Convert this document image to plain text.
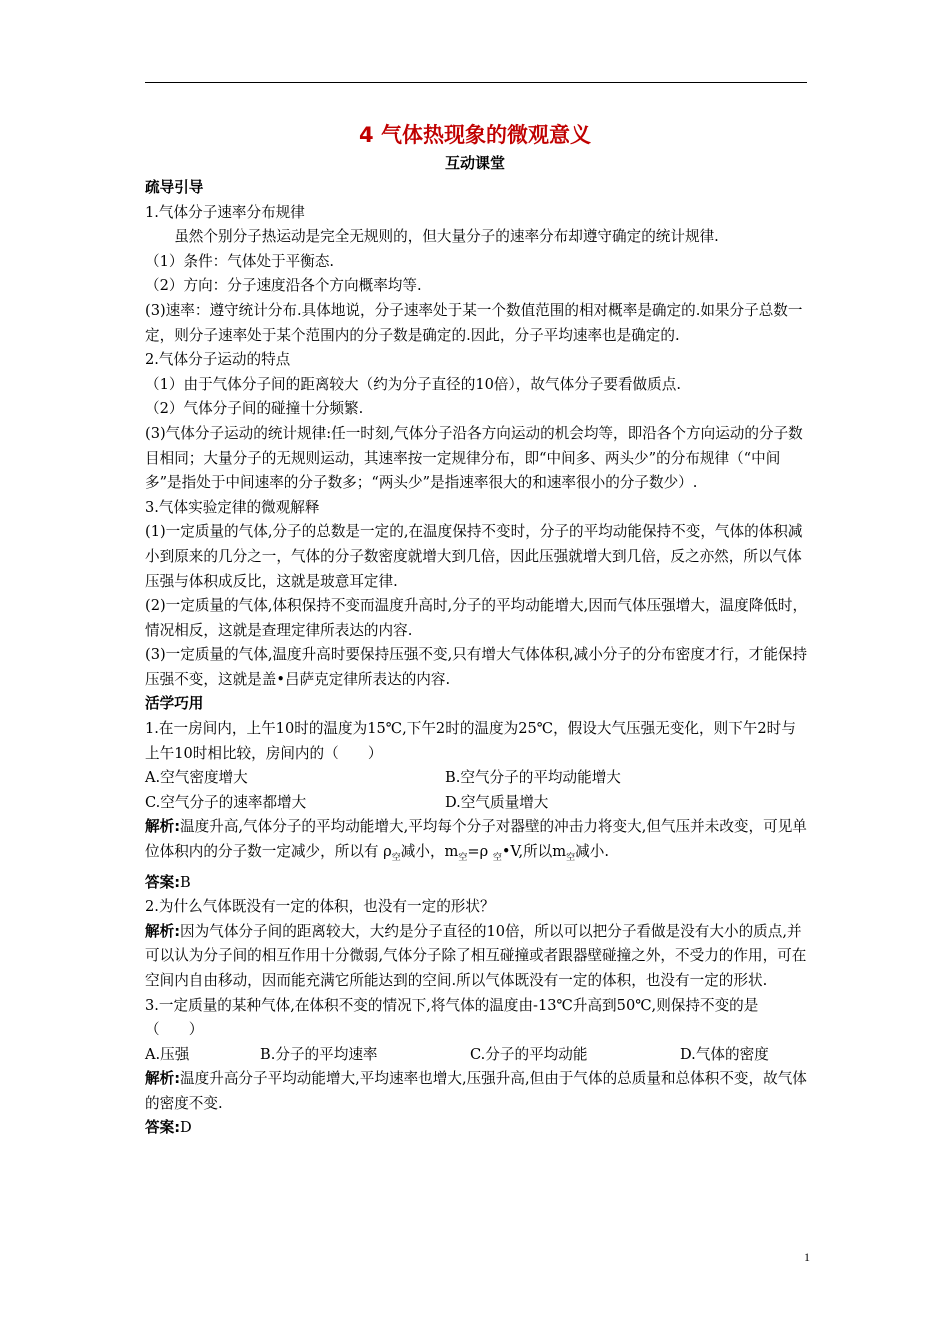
4 气体热现象的微观意义
互动课堂

疏导引导

1.气体分子速率分布规律

虽然个别分子热运动是完全无规则的，但大量分子的速率分布却遵守确定的统计规律.

（1）条件：气体处于平衡态.

（2）方向：分子速度沿各个方向概率均等.

(3)速率：遵守统计分布.具体地说，分子速率处于某一个数值范围的相对概率是确定的.如果分子总数一定，则分子速率处于某个范围内的分子数是确定的.因此，分子平均速率也是确定的.

2.气体分子运动的特点

（1）由于气体分子间的距离较大（约为分子直径的10倍），故气体分子要看做质点.

（2）气体分子间的碰撞十分频繁.

(3)气体分子运动的统计规律:任一时刻,气体分子沿各方向运动的机会均等，即沿各个方向运动的分子数目相同；大量分子的无规则运动，其速率按一定规律分布，即“中间多、两头少”的分布规律（“中间多”是指处于中间速率的分子数多；“两头少”是指速率很大的和速率很小的分子数少）.

3.气体实验定律的微观解释

(1)一定质量的气体,分子的总数是一定的,在温度保持不变时，分子的平均动能保持不变，气体的体积减小到原来的几分之一，气体的分子数密度就增大到几倍，因此压强就增大到几倍，反之亦然，所以气体压强与体积成反比，这就是玻意耳定律.

(2)一定质量的气体,体积保持不变而温度升高时,分子的平均动能增大,因而气体压强增大，温度降低时，情况相反，这就是查理定律所表达的内容.

(3)一定质量的气体,温度升高时要保持压强不变,只有增大气体体积,减小分子的分布密度才行，才能保持压强不变，这就是盖•吕萨克定律所表达的内容.

活学巧用

1.在一房间内，上午10时的温度为15℃,下午2时的温度为25℃，假设大气压强无变化，则下午2时与上午10时相比较，房间内的（　　）

A.空气密度增大	B.空气分子的平均动能增大

C.空气分子的速率都增大	D.空气质量增大

解析:温度升高,气体分子的平均动能增大,平均每个分子对器壁的冲击力将变大,但气压并未改变，可见单位体积内的分子数一定减少，所以有 $\rho_空$减小，$m_空=\rho$ $_空$•V,所以$m_空$减小.

答案:B

2.为什么气体既没有一定的体积，也没有一定的形状？

解析:因为气体分子间的距离较大，大约是分子直径的10倍，所以可以把分子看做是没有大小的质点,并可以认为分子间的相互作用十分微弱,气体分子除了相互碰撞或者跟器壁碰撞之外，不受力的作用，可在空间内自由移动，因而能充满它所能达到的空间.所以气体既没有一定的体积，也没有一定的形状.

3.一定质量的某种气体,在体积不变的情况下,将气体的温度由-13℃升高到50℃,则保持不变的是（　　）

A.压强	B.分子的平均速率	C.分子的平均动能	D.气体的密度

解析:温度升高分子平均动能增大,平均速率也增大,压强升高,但由于气体的总质量和总体积不变，故气体的密度不变.

答案:D

1
